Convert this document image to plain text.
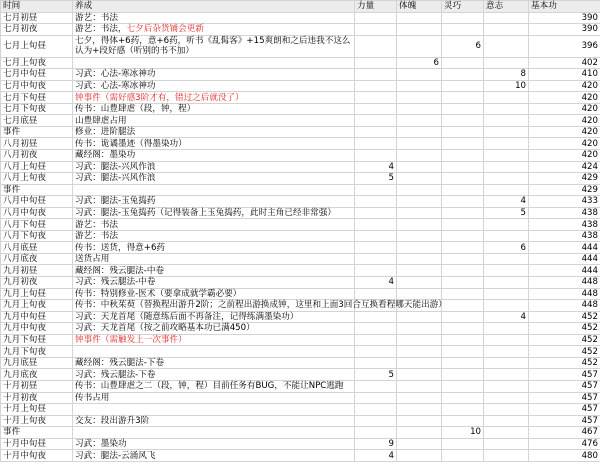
时间	养成	力量	体魄	灵巧	意志	基本功
七月初昼	游艺：书法					390
七月初夜	游艺：书法，七夕后杂货铺会更新					390
七月上旬昼	七夕，得体+6药，意+6药，听书《乱髯客》+15爽朗和之后违我不这么认为+段好感（听别的书不加）			6		396
七月上旬夜			6			402
七月中旬昼	习武：心法-寒冰神功				8	410
七月中旬夜	习武：心法-寒冰神功				10	420
七月下旬昼	钟事件（需好感3阶才有，错过之后就没了）					420
七月下旬夜	传书：山豊肆虐（段，钟，程）					420
七月底昼	山豊肆虐占用					420
事件	修业：进阶腿法					420
八月初昼	传书：诡谲墨迹（得墨染功）					420
八月初夜	藏经阁：墨染功					420
八月上旬昼	习武：腿法-兴风作浪	4				424
八月上旬夜	习武：腿法-兴风作浪	5				429
事件						429
八月中旬昼	习武：腿法-玉兔捣药				4	433
八月中旬夜	习武：腿法-玉兔捣药（记得装备上玉兔捣药，此时主角已经非常强）				5	438
八月下旬昼	游艺：书法					438
八月下旬夜	游艺：书法					438
八月底昼	传书：送货，得意+6药				6	444
八月底夜	送货占用					444
九月初昼	藏经阁：残云腿法-中卷					444
九月初夜	习武：残云腿法-中卷	4				448
九月上旬昼	传书：特别修业-医术（要拿成就学霸必要）					448
九月上旬夜	传书：中秋茱萸（替换程出游升2阶；之前程出游换成钟，这里和上面3回合互换看程哪天能出游）					448
九月中旬昼	习武：天龙首尾（随意练后面不再备注，记得练满墨染功）				4	452
九月中旬夜	习武：天龙首尾（按之前攻略基本功已满450）					452
九月下旬昼	钟事件（需触发上一次事件）					452
九月下旬夜						452
九月底昼	藏经阁：残云腿法-下卷					452
九月底夜	习武：残云腿法-下卷	5				457
十月初昼	传书：山豊肆虐之二（段，钟，程）目前任务有BUG，不能让NPC逃跑					457
十月初夜	传书占用					457
十月上旬昼						457
十月上旬夜	交友：段出游升3阶					457
事件				10		467
十月中旬昼	习武：墨染功	9				476
十月中旬夜	习武：腿法-云涌风飞	4				480
